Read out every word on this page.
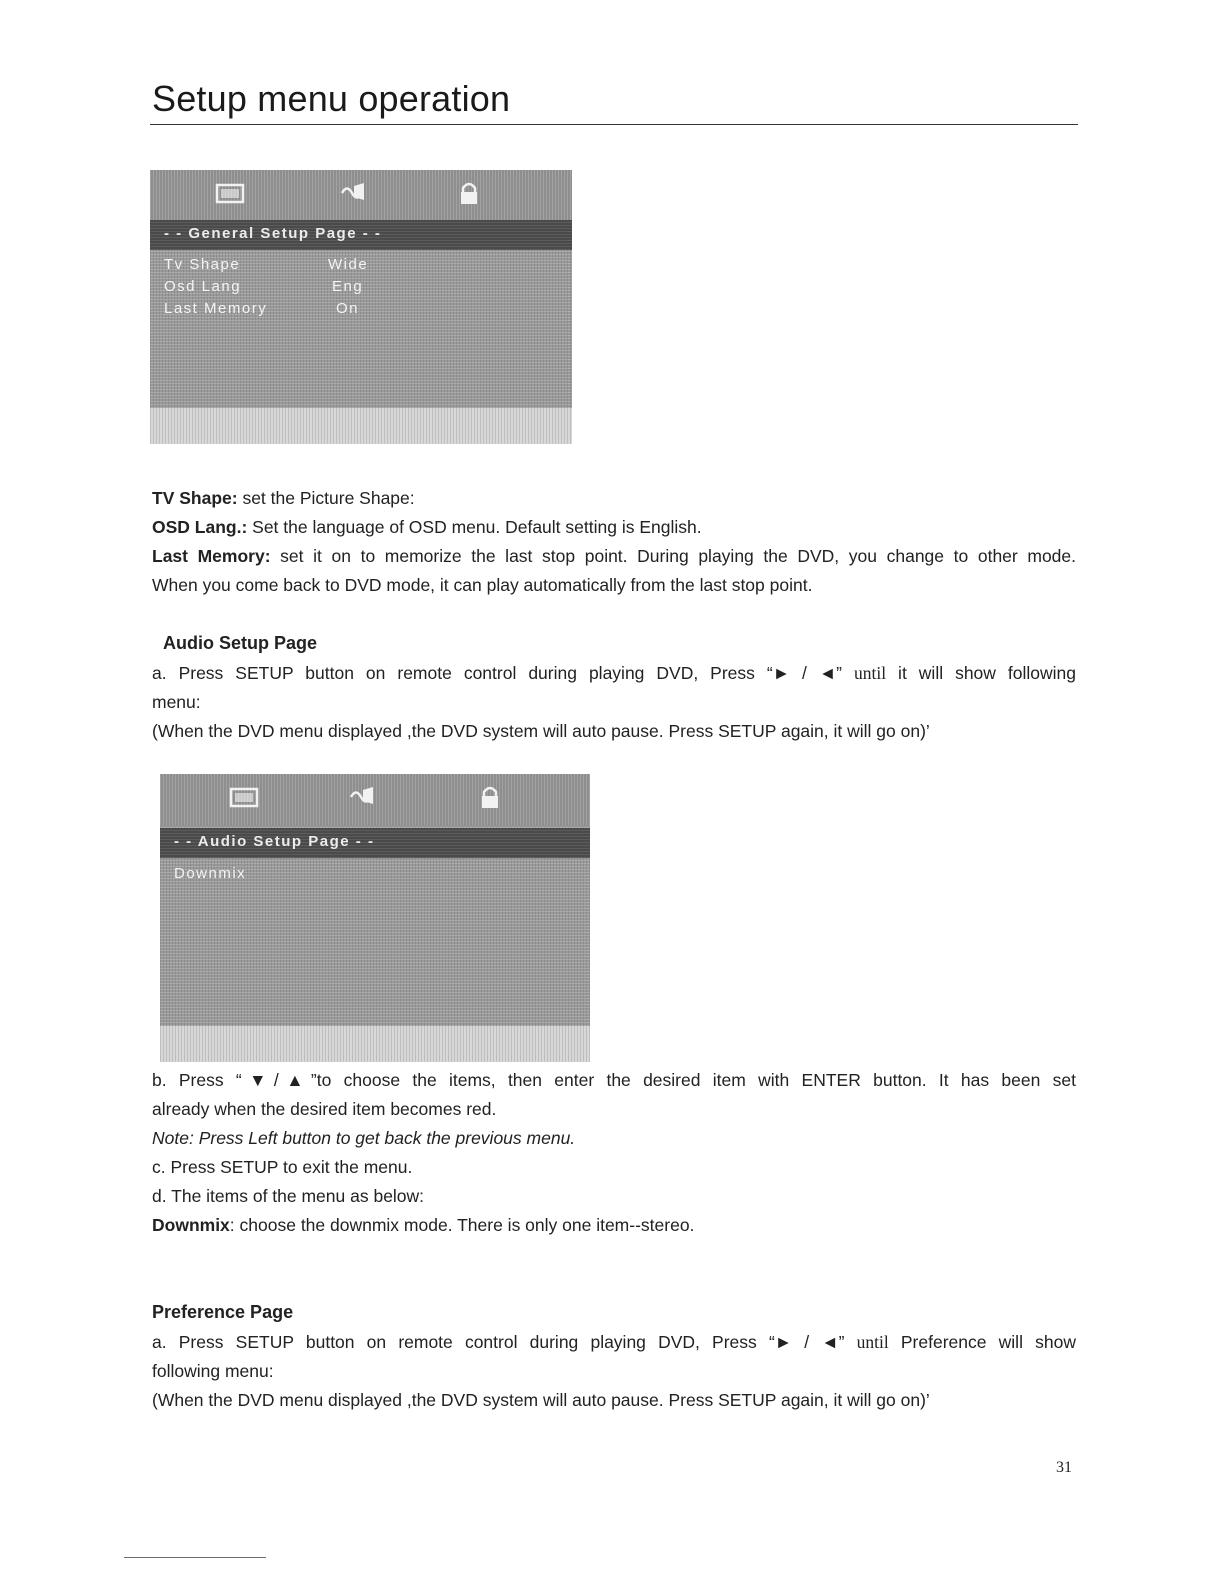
Setup menu operation
- - General Setup Page - -
Tv Shape	Wide
Osd Lang	Eng
Last Memory	On
TV Shape: set the Picture Shape:
OSD Lang.: Set the language of OSD menu. Default setting is English.
Last Memory: set it on to memorize the last stop point. During playing the DVD, you change to other mode.
When you come back to DVD mode, it can play automatically from the last stop point.
Audio Setup Page
a. Press SETUP button on remote control during playing DVD, Press “► / ◄” until it will show following
menu:
(When the DVD menu displayed ,the DVD system will auto pause. Press SETUP again, it will go on)’
- - Audio Setup Page - -
Downmix
b. Press “▼/▲”to choose the items, then enter the desired item with ENTER button. It has been set
already when the desired item becomes red.
Note: Press Left button to get back the previous menu.
c. Press SETUP to exit the menu.
d. The items of the menu as below:
Downmix: choose the downmix mode. There is only one item--stereo.
Preference Page
a. Press SETUP button on remote control during playing DVD, Press “► / ◄” until Preference will show
following menu:
(When the DVD menu displayed ,the DVD system will auto pause. Press SETUP again, it will go on)’
31
